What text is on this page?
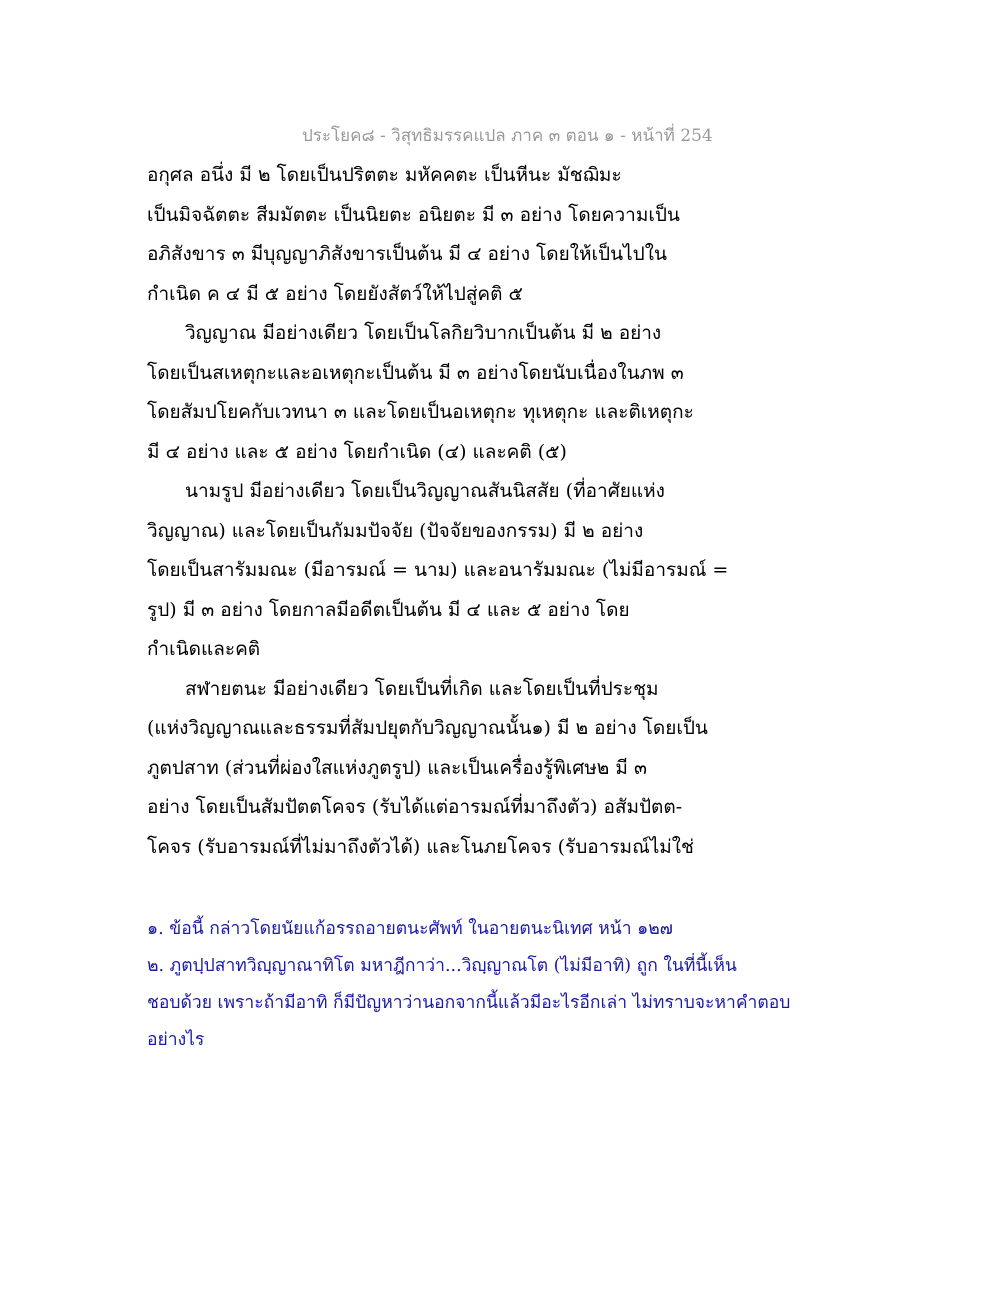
ประโยค๘ - วิสุทธิมรรคแปล ภาค ๓ ตอน ๑ - หน้าที่ 254
อกุศล อนึ่ง มี ๒ โดยเป็นปริตตะ มหัคคตะ เป็นหีนะ มัชฌิมะ
เป็นมิจฉัตตะ สีมมัตตะ เป็นนิยตะ อนิยตะ มี ๓ อย่าง โดยความเป็น
อภิสังขาร ๓ มีบุญญาภิสังขารเป็นต้น มี ๔ อย่าง โดยให้เป็นไปใน
กำเนิด ค ๔ มี ๕ อย่าง โดยยังสัตว์ให้ไปสู่คติ ๕
วิญญาณ มีอย่างเดียว โดยเป็นโลกิยวิบากเป็นต้น มี ๒ อย่าง
โดยเป็นสเหตุกะและอเหตุกะเป็นต้น มี ๓ อย่างโดยนับเนื่องในภพ ๓
โดยสัมปโยคกับเวทนา ๓ และโดยเป็นอเหตุกะ ทุเหตุกะ และติเหตุกะ
มี ๔ อย่าง และ ๕ อย่าง โดยกำเนิด (๔) และคติ (๕)
นามรูป มีอย่างเดียว โดยเป็นวิญญาณสันนิสสัย (ที่อาศัยแห่ง
วิญญาณ) และโดยเป็นกัมมปัจจัย (ปัจจัยของกรรม) มี ๒ อย่าง
โดยเป็นสารัมมณะ (มีอารมณ์ = นาม) และอนารัมมณะ (ไม่มีอารมณ์ =
รูป) มี ๓ อย่าง โดยกาลมีอดีตเป็นต้น มี ๔ และ ๕ อย่าง โดย
กำเนิดและคติ
สฬายตนะ มีอย่างเดียว โดยเป็นที่เกิด และโดยเป็นที่ประชุม
(แห่งวิญญาณและธรรมที่สัมปยุตกับวิญญาณนั้น๑) มี ๒ อย่าง โดยเป็น
ภูตปสาท (ส่วนที่ผ่องใสแห่งภูตรูป) และเป็นเครื่องรู้พิเศษ๒ มี ๓
อย่าง โดยเป็นสัมปัตตโคจร (รับได้แต่อารมณ์ที่มาถึงตัว) อสัมปัตต-
โคจร (รับอารมณ์ที่ไม่มาถึงตัวได้) และโนภยโคจร (รับอารมณ์ไม่ใช่
๑. ข้อนี้ กล่าวโดยนัยแก้อรรถอายตนะศัพท์ ในอายตนะนิเทศ หน้า ๑๒๗
๒. ภูตปฺปสาทวิญฺญาณาทิโต มหาฎีกาว่า...วิญฺญาณโต (ไม่มีอาทิ) ถูก ในที่นี้เห็น
ชอบด้วย เพราะถ้ามีอาทิ ก็มีปัญหาว่านอกจากนี้แล้วมีอะไรอีกเล่า ไม่ทราบจะหาคำตอบ
อย่างไร
